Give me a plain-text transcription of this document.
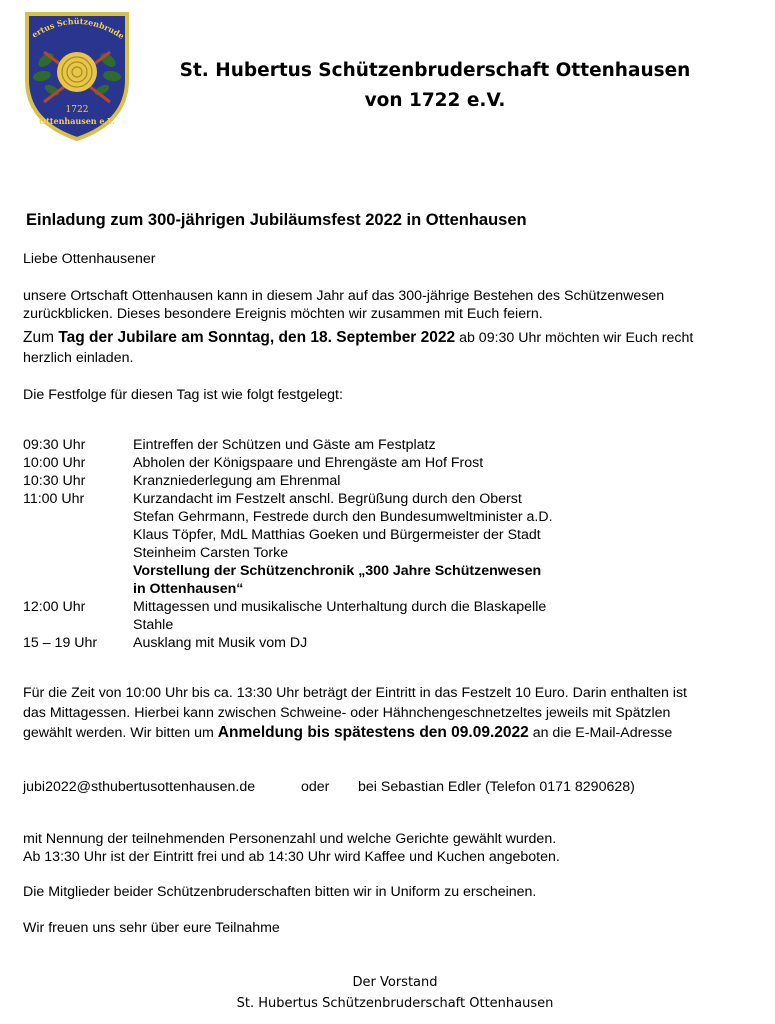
ertus Schützenbrude
1722
Ottenhausen e.V.
St. Hubertus Schützenbruderschaft Ottenhausen
von 1722 e.V.
Einladung zum 300-jährigen Jubiläumsfest 2022 in Ottenhausen
Liebe Ottenhausener
unsere Ortschaft Ottenhausen kann in diesem Jahr auf das 300-jährige Bestehen des Schützenwesen
zurückblicken. Dieses besondere Ereignis möchten wir zusammen mit Euch feiern.
Zum Tag der Jubilare am Sonntag, den 18. September 2022 ab 09:30 Uhr möchten wir Euch recht
herzlich einladen.
Die Festfolge für diesen Tag ist wie folgt festgelegt:
09:30 Uhr	Eintreffen der Schützen und Gäste am Festplatz
10:00 Uhr	Abholen der Königspaare und Ehrengäste am Hof Frost
10:30 Uhr	Kranzniederlegung am Ehrenmal
11:00 Uhr	Kurzandacht im Festzelt anschl. Begrüßung durch den Oberst
Stefan Gehrmann, Festrede durch den Bundesumweltminister a.D.
Klaus Töpfer, MdL Matthias Goeken und Bürgermeister der Stadt
Steinheim Carsten Torke
Vorstellung der Schützenchronik „300 Jahre Schützenwesen
in Ottenhausen“
12:00 Uhr	Mittagessen und musikalische Unterhaltung durch die Blaskapelle
Stahle
15 – 19 Uhr	Ausklang mit Musik vom DJ
Für die Zeit von 10:00 Uhr bis ca. 13:30 Uhr beträgt der Eintritt in das Festzelt 10 Euro. Darin enthalten ist
das Mittagessen. Hierbei kann zwischen Schweine- oder Hähnchengeschnetzeltes jeweils mit Spätzlen
gewählt werden. Wir bitten um Anmeldung bis spätestens den 09.09.2022 an die E-Mail-Adresse
jubi2022@sthubertusottenhausen.de	oder bei Sebastian Edler (Telefon 0171 8290628)
mit Nennung der teilnehmenden Personenzahl und welche Gerichte gewählt wurden.
Ab 13:30 Uhr ist der Eintritt frei und ab 14:30 Uhr wird Kaffee und Kuchen angeboten.
Die Mitglieder beider Schützenbruderschaften bitten wir in Uniform zu erscheinen.
Wir freuen uns sehr über eure Teilnahme
Der Vorstand
St. Hubertus Schützenbruderschaft Ottenhausen
